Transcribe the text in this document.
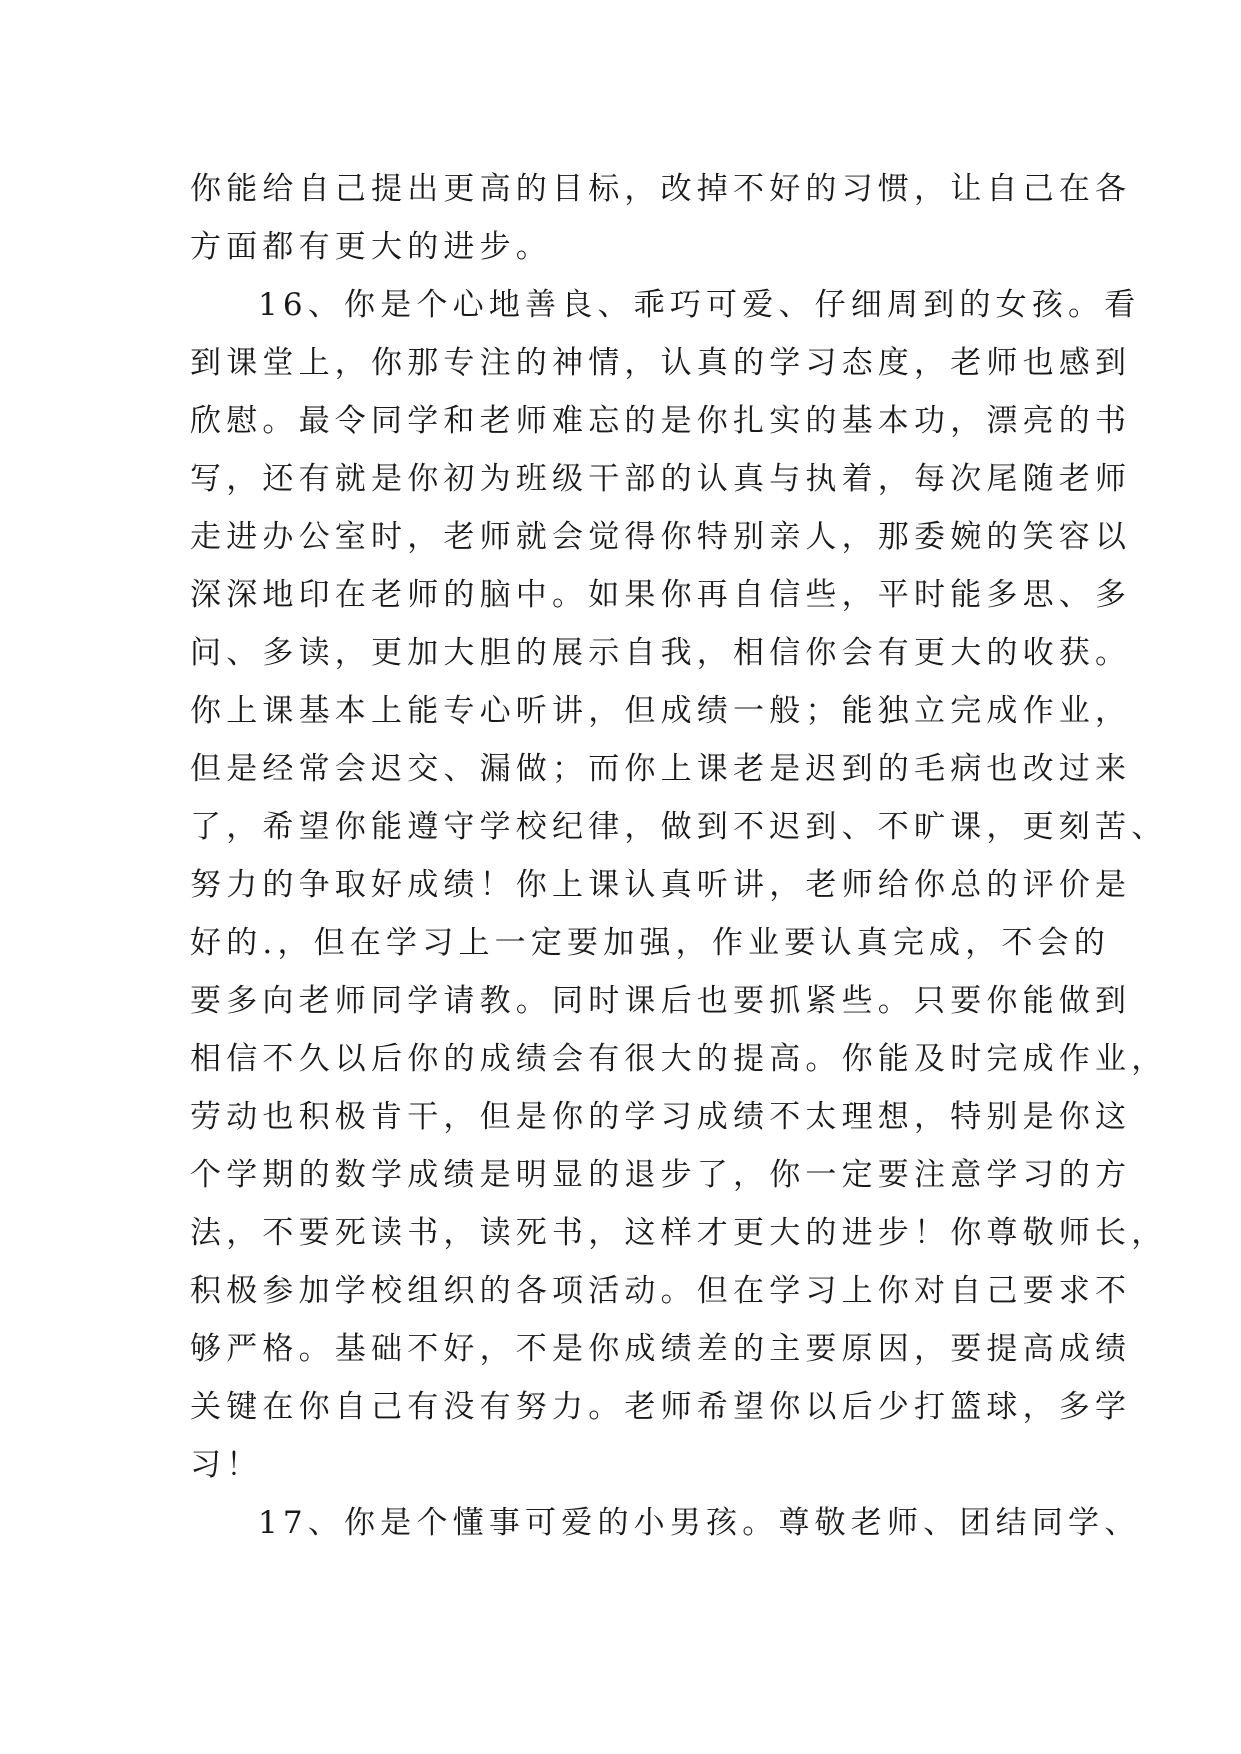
你能给自己提出更高的目标，改掉不好的习惯，让自己在各
方面都有更大的进步。
16、你是个心地善良、乖巧可爱、仔细周到的女孩。看
到课堂上，你那专注的神情，认真的学习态度，老师也感到
欣慰。最令同学和老师难忘的是你扎实的基本功，漂亮的书
写，还有就是你初为班级干部的认真与执着，每次尾随老师
走进办公室时，老师就会觉得你特别亲人，那委婉的笑容以
深深地印在老师的脑中。如果你再自信些，平时能多思、多
问、多读，更加大胆的展示自我，相信你会有更大的收获。
你上课基本上能专心听讲，但成绩一般；能独立完成作业，
但是经常会迟交、漏做；而你上课老是迟到的毛病也改过来
了，希望你能遵守学校纪律，做到不迟到、不旷课，更刻苦、
努力的争取好成绩！你上课认真听讲，老师给你总的评价是
好的.，但在学习上一定要加强，作业要认真完成，不会的
要多向老师同学请教。同时课后也要抓紧些。只要你能做到
相信不久以后你的成绩会有很大的提高。你能及时完成作业，
劳动也积极肯干，但是你的学习成绩不太理想，特别是你这
个学期的数学成绩是明显的退步了，你一定要注意学习的方
法，不要死读书，读死书，这样才更大的进步！你尊敬师长，
积极参加学校组织的各项活动。但在学习上你对自己要求不
够严格。基础不好，不是你成绩差的主要原因，要提高成绩
关键在你自己有没有努力。老师希望你以后少打篮球，多学
习！
17、你是个懂事可爱的小男孩。尊敬老师、团结同学、
